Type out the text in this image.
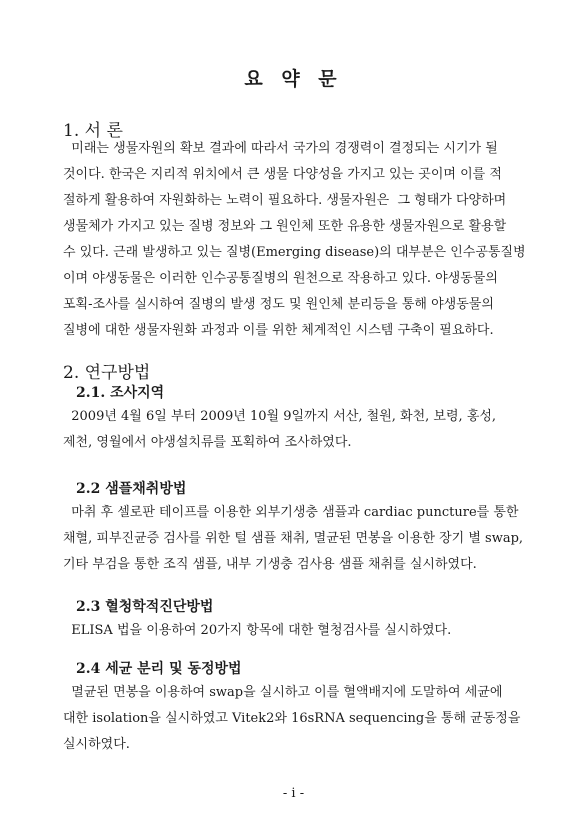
요 약 문
1. 서 론
미래는 생물자원의 확보 결과에 따라서 국가의 경쟁력이 결정되는 시기가 될
것이다. 한국은 지리적 위치에서 큰 생물 다양성을 가지고 있는 곳이며 이를 적
절하게 활용하여 자원화하는 노력이 필요하다. 생물자원은  그 형태가 다양하며
생물체가 가지고 있는 질병 정보와 그 원인체 또한 유용한 생물자원으로 활용할
수 있다. 근래 발생하고 있는 질병(Emerging disease)의 대부분은 인수공통질병
이며 야생동물은 이러한 인수공통질병의 원천으로 작용하고 있다. 야생동물의
포획-조사를 실시하여 질병의 발생 정도 및 원인체 분리등을 통해 야생동물의
질병에 대한 생물자원화 과정과 이를 위한 체계적인 시스템 구축이 필요하다.
2. 연구방법
2.1. 조사지역
2009년 4월 6일 부터 2009년 10월 9일까지 서산, 철원, 화천, 보령, 홍성,
제천, 영월에서 야생설치류를 포획하여 조사하였다.
2.2 샘플채취방법
마취 후 셀로판 테이프를 이용한 외부기생충 샘플과 cardiac puncture를 통한
채혈, 피부진균증 검사를 위한 털 샘플 채취, 멸균된 면봉을 이용한 장기 별 swap,
기타 부검을 통한 조직 샘플, 내부 기생충 검사용 샘플 채취를 실시하였다.
2.3 혈청학적진단방법
ELISA 법을 이용하여 20가지 항목에 대한 혈청검사를 실시하였다.
2.4 세균 분리 및 동정방법
멸균된 면봉을 이용하여 swap을 실시하고 이를 혈액배지에 도말하여 세균에
대한 isolation을 실시하였고 Vitek2와 16sRNA sequencing을 통해 균동정을
실시하였다.
- i -
